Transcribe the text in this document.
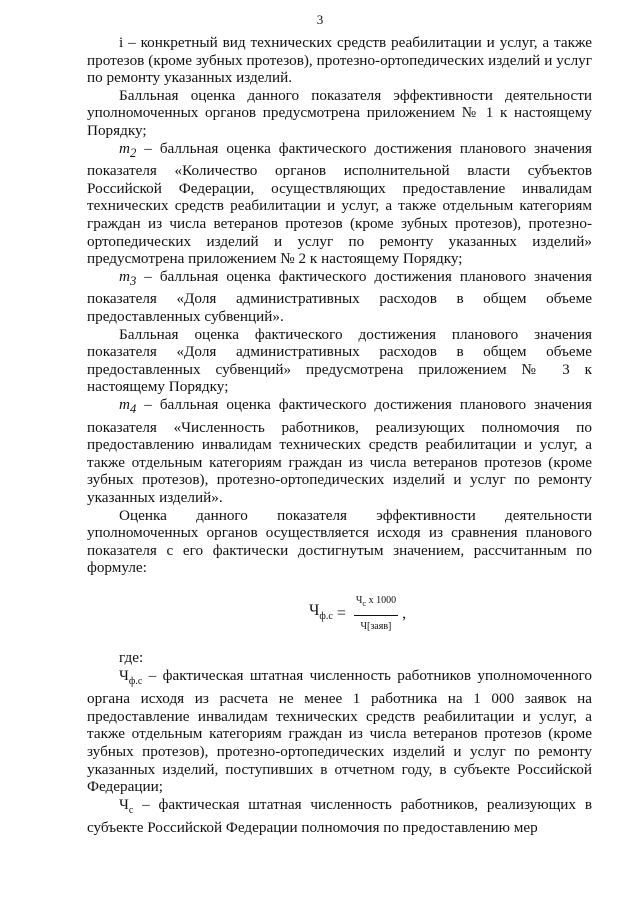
3

i – конкретный вид технических средств реабилитации и услуг, а также протезов (кроме зубных протезов), протезно-ортопедических изделий и услуг по ремонту указанных изделий.

Балльная оценка данного показателя эффективности деятельности уполномоченных органов предусмотрена приложением № 1 к настоящему Порядку;

$m_2$ – балльная оценка фактического достижения планового значения показателя «Количество органов исполнительной власти субъектов Российской Федерации, осуществляющих предоставление инвалидам технических средств реабилитации и услуг, а также отдельным категориям граждан из числа ветеранов протезов (кроме зубных протезов), протезно-ортопедических изделий и услуг по ремонту указанных изделий» предусмотрена приложением № 2 к настоящему Порядку;

$m_3$ – балльная оценка фактического достижения планового значения показателя «Доля административных расходов в общем объеме предоставленных субвенций».

Балльная оценка фактического достижения планового значения показателя «Доля административных расходов в общем объеме предоставленных субвенций» предусмотрена приложением № 3 к настоящему Порядку;

$m_4$ – балльная оценка фактического достижения планового значения показателя «Численность работников, реализующих полномочия по предоставлению инвалидам технических средств реабилитации и услуг, а также отдельным категориям граждан из числа ветеранов протезов (кроме зубных протезов), протезно-ортопедических изделий и услуг по ремонту указанных изделий».

Оценка данного показателя эффективности деятельности уполномоченных органов осуществляется исходя из сравнения планового показателя с его фактически достигнутым значением, рассчитанным по формуле:

$Ч_{ф.с} = \frac{Ч_с х 1000}{\text{Ч[заяв]}}$ ,

где:

$Ч_{ф.с}$ – фактическая штатная численность работников уполномоченного органа исходя из расчета не менее 1 работника на 1 000 заявок на предоставление инвалидам технических средств реабилитации и услуг, а также отдельным категориям граждан из числа ветеранов протезов (кроме зубных протезов), протезно-ортопедических изделий и услуг по ремонту указанных изделий, поступивших в отчетном году, в субъекте Российской Федерации;

$Ч_с$ – фактическая штатная численность работников, реализующих в субъекте Российской Федерации полномочия по предоставлению мер
